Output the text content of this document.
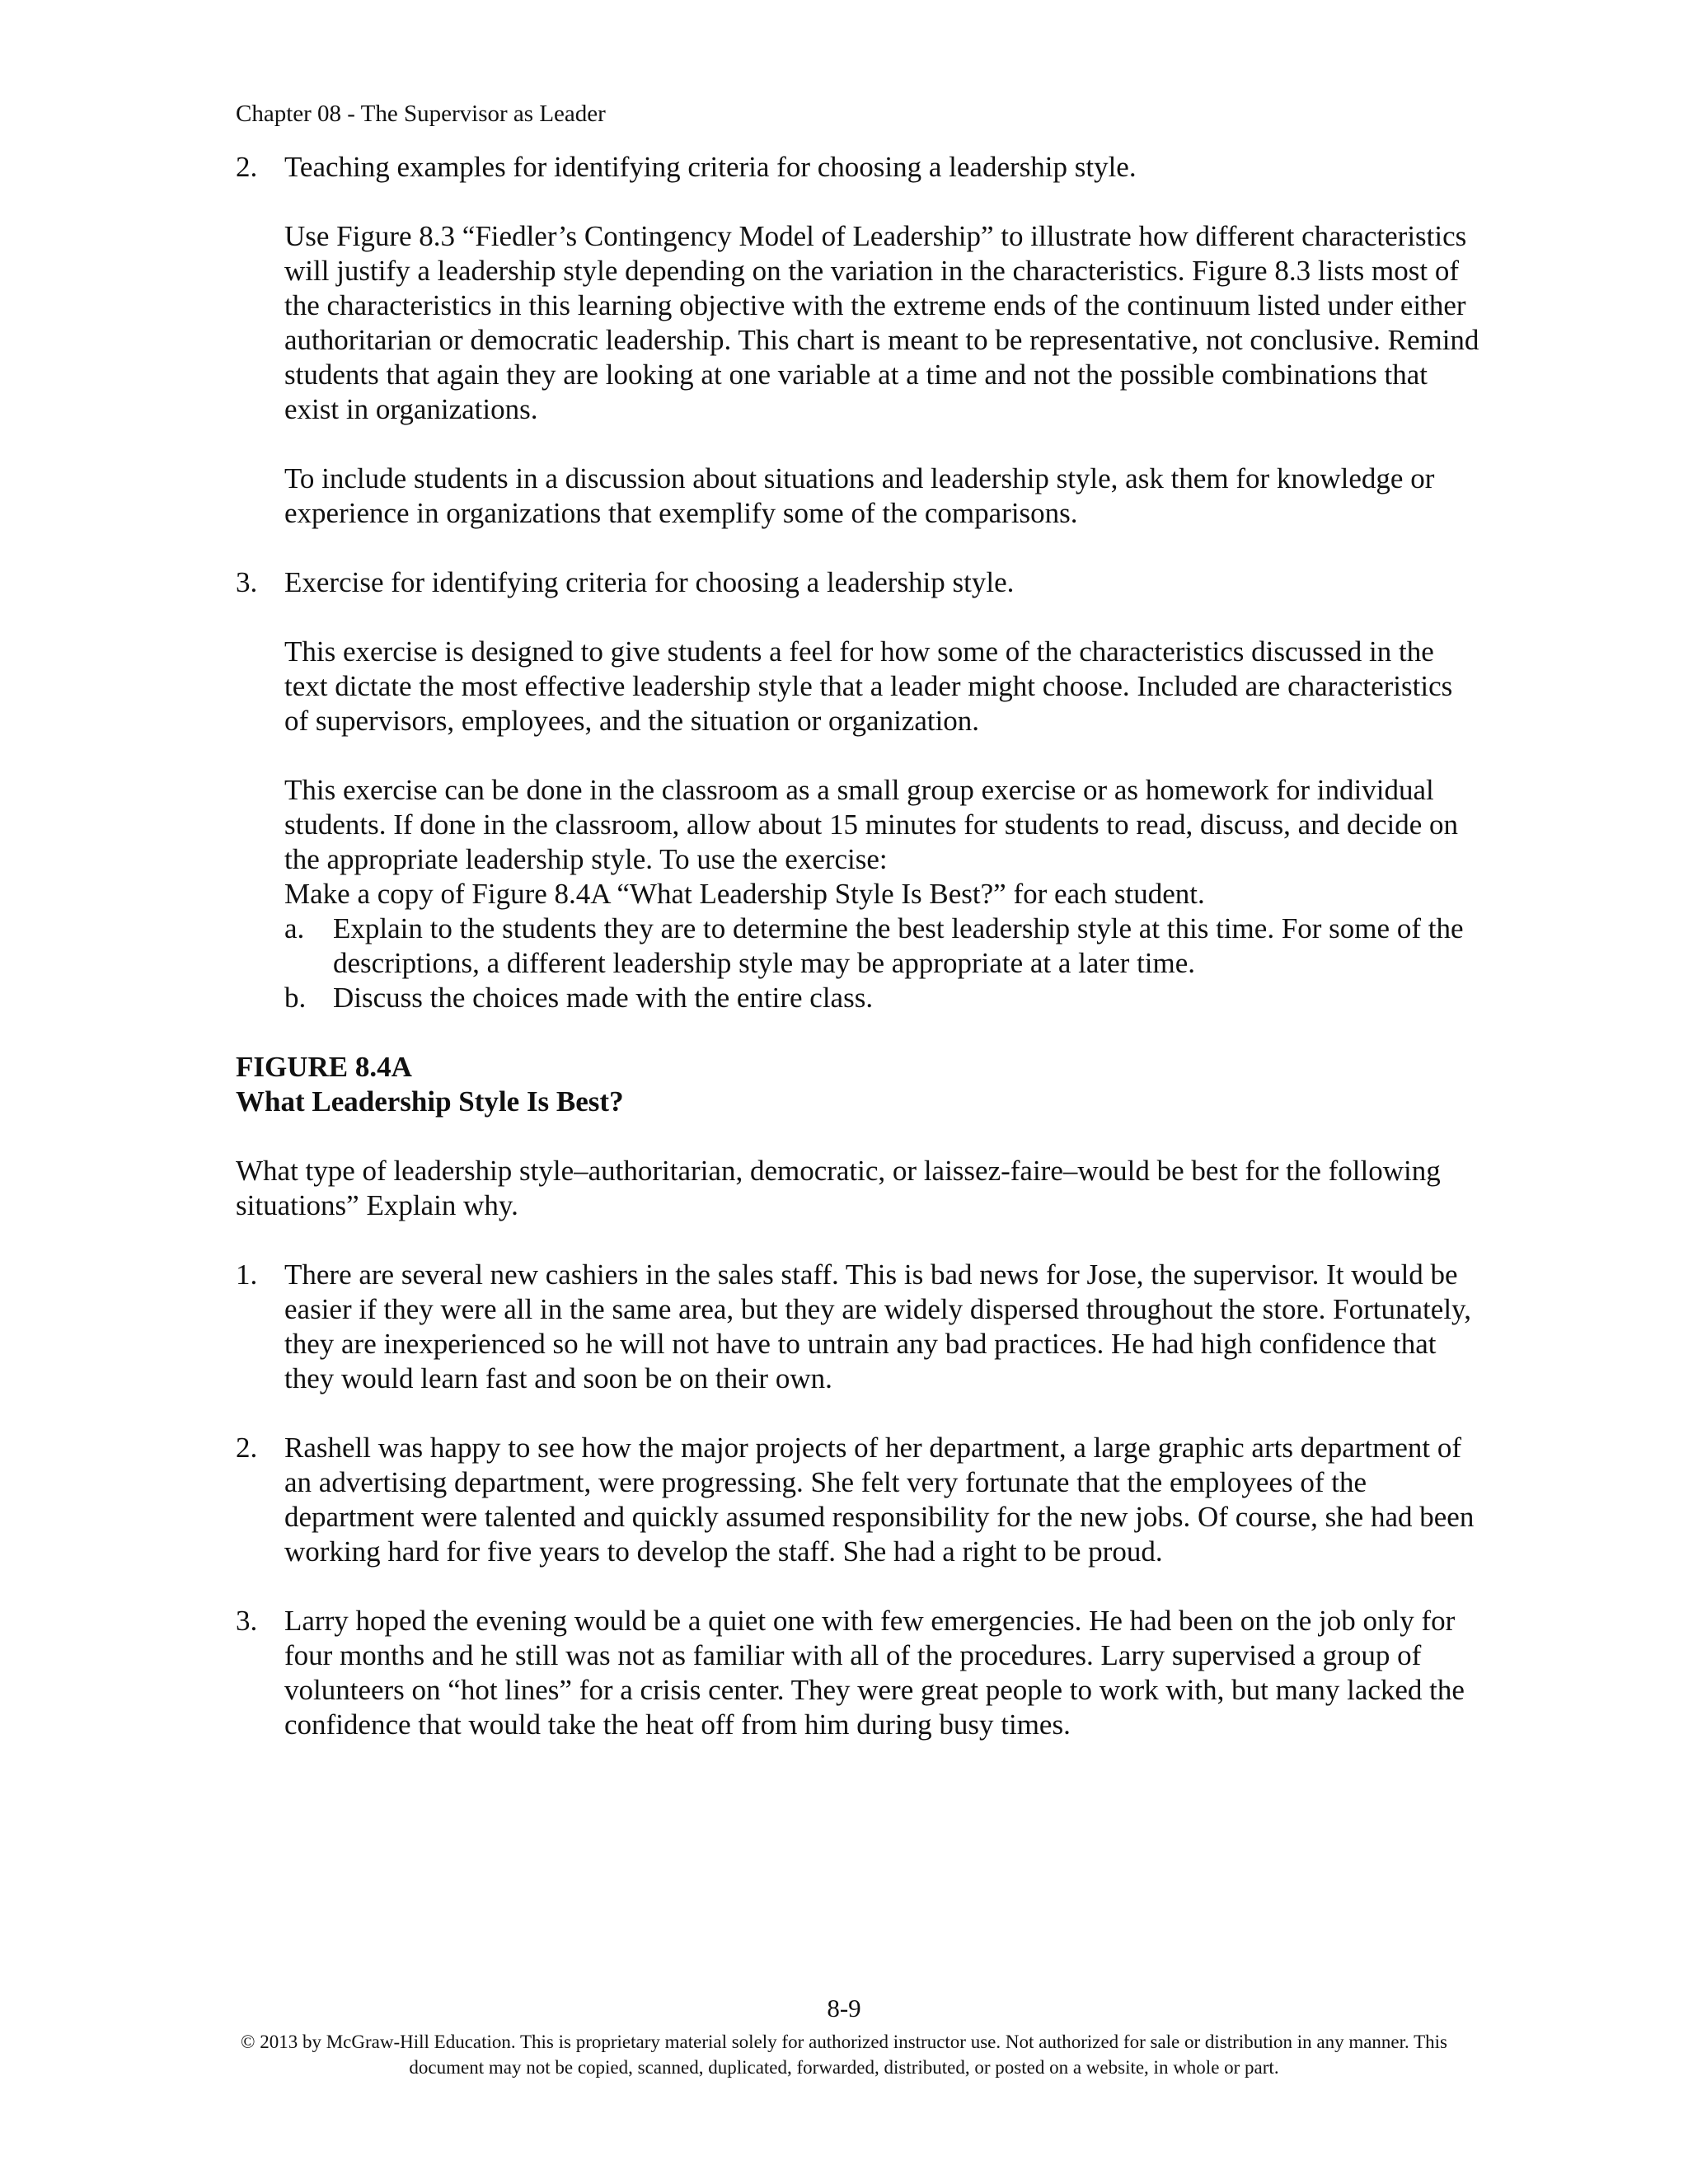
Chapter 08 - The Supervisor as Leader
2. Teaching examples for identifying criteria for choosing a leadership style.

Use Figure 8.3 “Fiedler’s Contingency Model of Leadership” to illustrate how different characteristics will justify a leadership style depending on the variation in the characteristics. Figure 8.3 lists most of the characteristics in this learning objective with the extreme ends of the continuum listed under either authoritarian or democratic leadership. This chart is meant to be representative, not conclusive. Remind students that again they are looking at one variable at a time and not the possible combinations that exist in organizations.

To include students in a discussion about situations and leadership style, ask them for knowledge or experience in organizations that exemplify some of the comparisons.

3. Exercise for identifying criteria for choosing a leadership style.

This exercise is designed to give students a feel for how some of the characteristics discussed in the text dictate the most effective leadership style that a leader might choose. Included are characteristics of supervisors, employees, and the situation or organization.

This exercise can be done in the classroom as a small group exercise or as homework for individual students. If done in the classroom, allow about 15 minutes for students to read, discuss, and decide on the appropriate leadership style. To use the exercise:

Make a copy of Figure 8.4A “What Leadership Style Is Best?” for each student.

a. Explain to the students they are to determine the best leadership style at this time. For some of the descriptions, a different leadership style may be appropriate at a later time.

b. Discuss the choices made with the entire class.

FIGURE 8.4A

What Leadership Style Is Best?

What type of leadership style–authoritarian, democratic, or laissez-faire–would be best for the following situations” Explain why.

1. There are several new cashiers in the sales staff. This is bad news for Jose, the supervisor. It would be easier if they were all in the same area, but they are widely dispersed throughout the store. Fortunately, they are inexperienced so he will not have to untrain any bad practices. He had high confidence that they would learn fast and soon be on their own.

2. Rashell was happy to see how the major projects of her department, a large graphic arts department of an advertising department, were progressing. She felt very fortunate that the employees of the department were talented and quickly assumed responsibility for the new jobs. Of course, she had been working hard for five years to develop the staff. She had a right to be proud.

3. Larry hoped the evening would be a quiet one with few emergencies. He had been on the job only for four months and he still was not as familiar with all of the procedures. Larry supervised a group of volunteers on “hot lines” for a crisis center. They were great people to work with, but many lacked the confidence that would take the heat off from him during busy times.

8-9
© 2013 by McGraw-Hill Education. This is proprietary material solely for authorized instructor use. Not authorized for sale or distribution in any manner. This document may not be copied, scanned, duplicated, forwarded, distributed, or posted on a website, in whole or part.
